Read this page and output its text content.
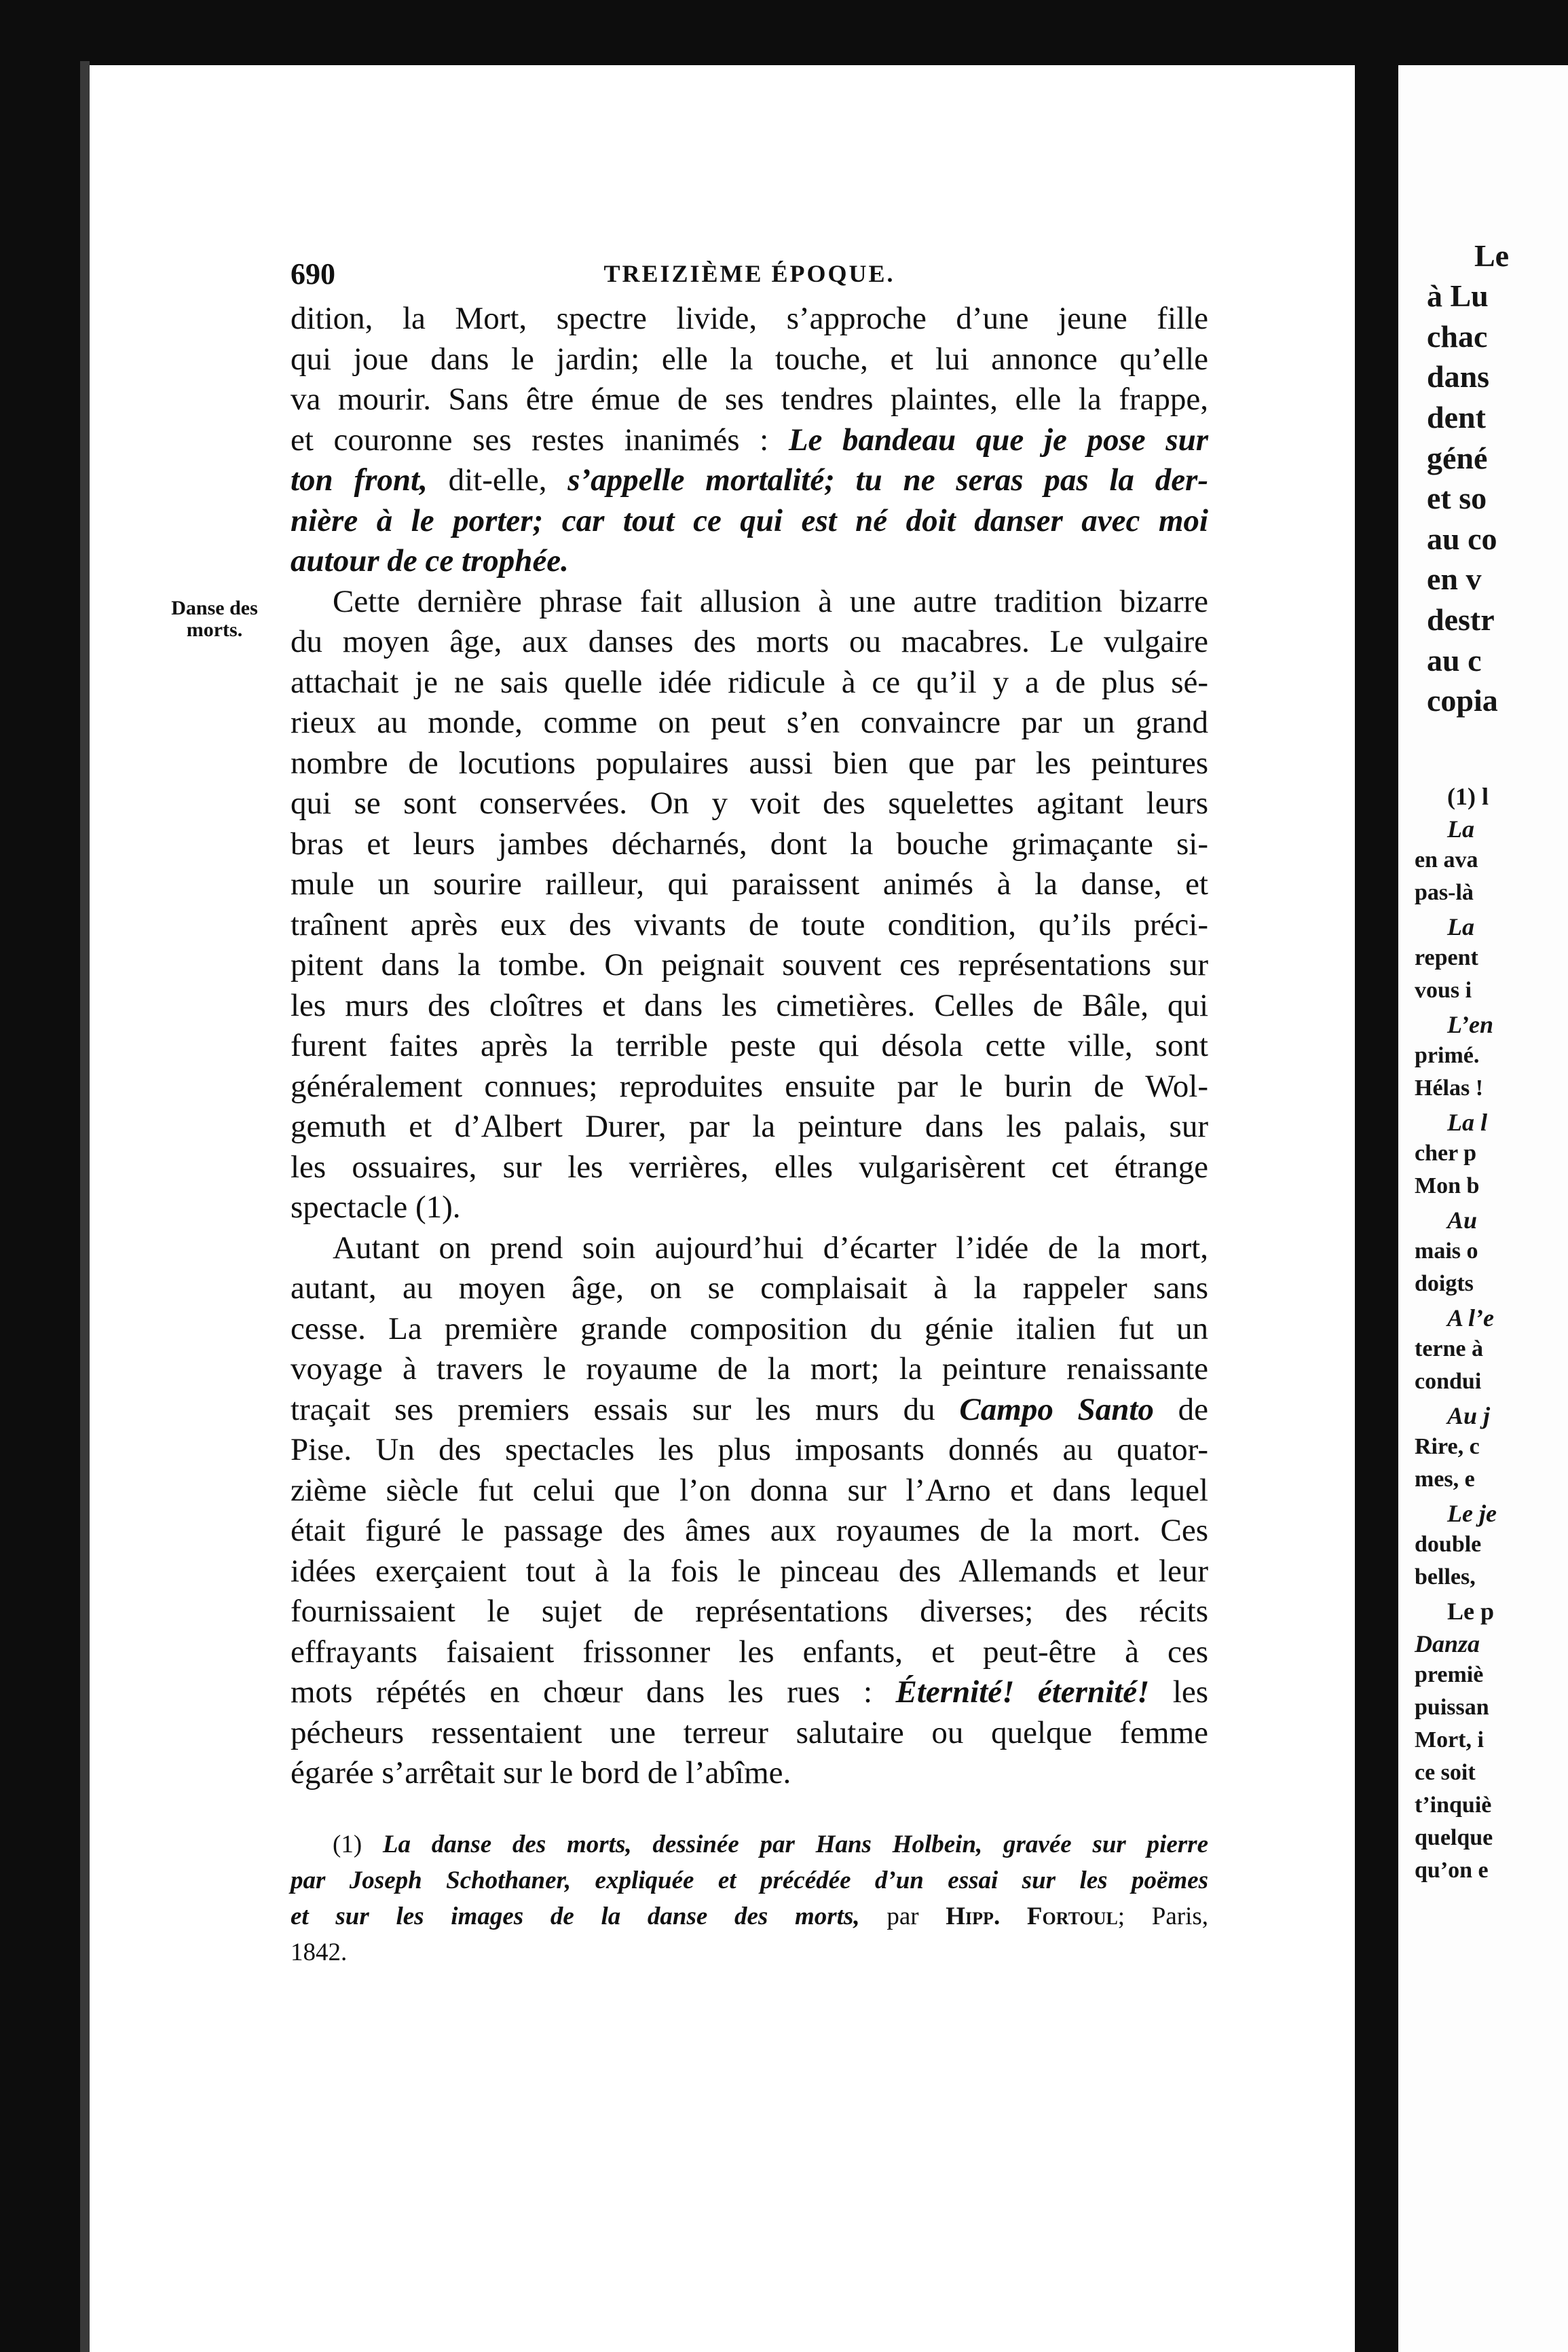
690	TREIZIÈME ÉPOQUE.
Danse des
morts.
dition, la Mort, spectre livide, s’approche d’une jeune fille
qui joue dans le jardin; elle la touche, et lui annonce qu’elle
va mourir. Sans être émue de ses tendres plaintes, elle la frappe,
et couronne ses restes inanimés : Le bandeau que je pose sur
ton front, dit-elle, s’appelle mortalité; tu ne seras pas la der-
nière à le porter; car tout ce qui est né doit danser avec moi
autour de ce trophée.
Cette dernière phrase fait allusion à une autre tradition bizarre
du moyen âge, aux danses des morts ou macabres. Le vulgaire
attachait je ne sais quelle idée ridicule à ce qu’il y a de plus sé-
rieux au monde, comme on peut s’en convaincre par un grand
nombre de locutions populaires aussi bien que par les peintures
qui se sont conservées. On y voit des squelettes agitant leurs
bras et leurs jambes décharnés, dont la bouche grimaçante si-
mule un sourire railleur, qui paraissent animés à la danse, et
traînent après eux des vivants de toute condition, qu’ils préci-
pitent dans la tombe. On peignait souvent ces représentations sur
les murs des cloîtres et dans les cimetières. Celles de Bâle, qui
furent faites après la terrible peste qui désola cette ville, sont
généralement connues; reproduites ensuite par le burin de Wol-
gemuth et d’Albert Durer, par la peinture dans les palais, sur
les ossuaires, sur les verrières, elles vulgarisèrent cet étrange
spectacle (1).
Autant on prend soin aujourd’hui d’écarter l’idée de la mort,
autant, au moyen âge, on se complaisait à la rappeler sans
cesse. La première grande composition du génie italien fut un
voyage à travers le royaume de la mort; la peinture renaissante
traçait ses premiers essais sur les murs du Campo Santo de
Pise. Un des spectacles les plus imposants donnés au quator-
zième siècle fut celui que l’on donna sur l’Arno et dans lequel
était figuré le passage des âmes aux royaumes de la mort. Ces
idées exerçaient tout à la fois le pinceau des Allemands et leur
fournissaient le sujet de représentations diverses; des récits
effrayants faisaient frissonner les enfants, et peut-être à ces
mots répétés en chœur dans les rues : Éternité! éternité! les
pécheurs ressentaient une terreur salutaire ou quelque femme
égarée s’arrêtait sur le bord de l’abîme.
(1) La danse des morts, dessinée par Hans Holbein, gravée sur pierre
par Joseph Schothaner, expliquée et précédée d’un essai sur les poëmes
et sur les images de la danse des morts, par Hipp. Fortoul; Paris,
1842.
Le
à Lu
chac
dans
dent
géné
et so
au co
en v
destr
au c
copia
(1) l
La
en ava
pas-là
La
repent
vous i
L’en
primé.
Hélas !
La l
cher p
Mon b
Au
mais o
doigts
A l’e
terne à
condui
Au j
Rire, c
mes, e
Le je
double
belles,
Le p
Danza
premiè
puissan
Mort, i
ce soit
t’inquiè
quelque
qu’on e
